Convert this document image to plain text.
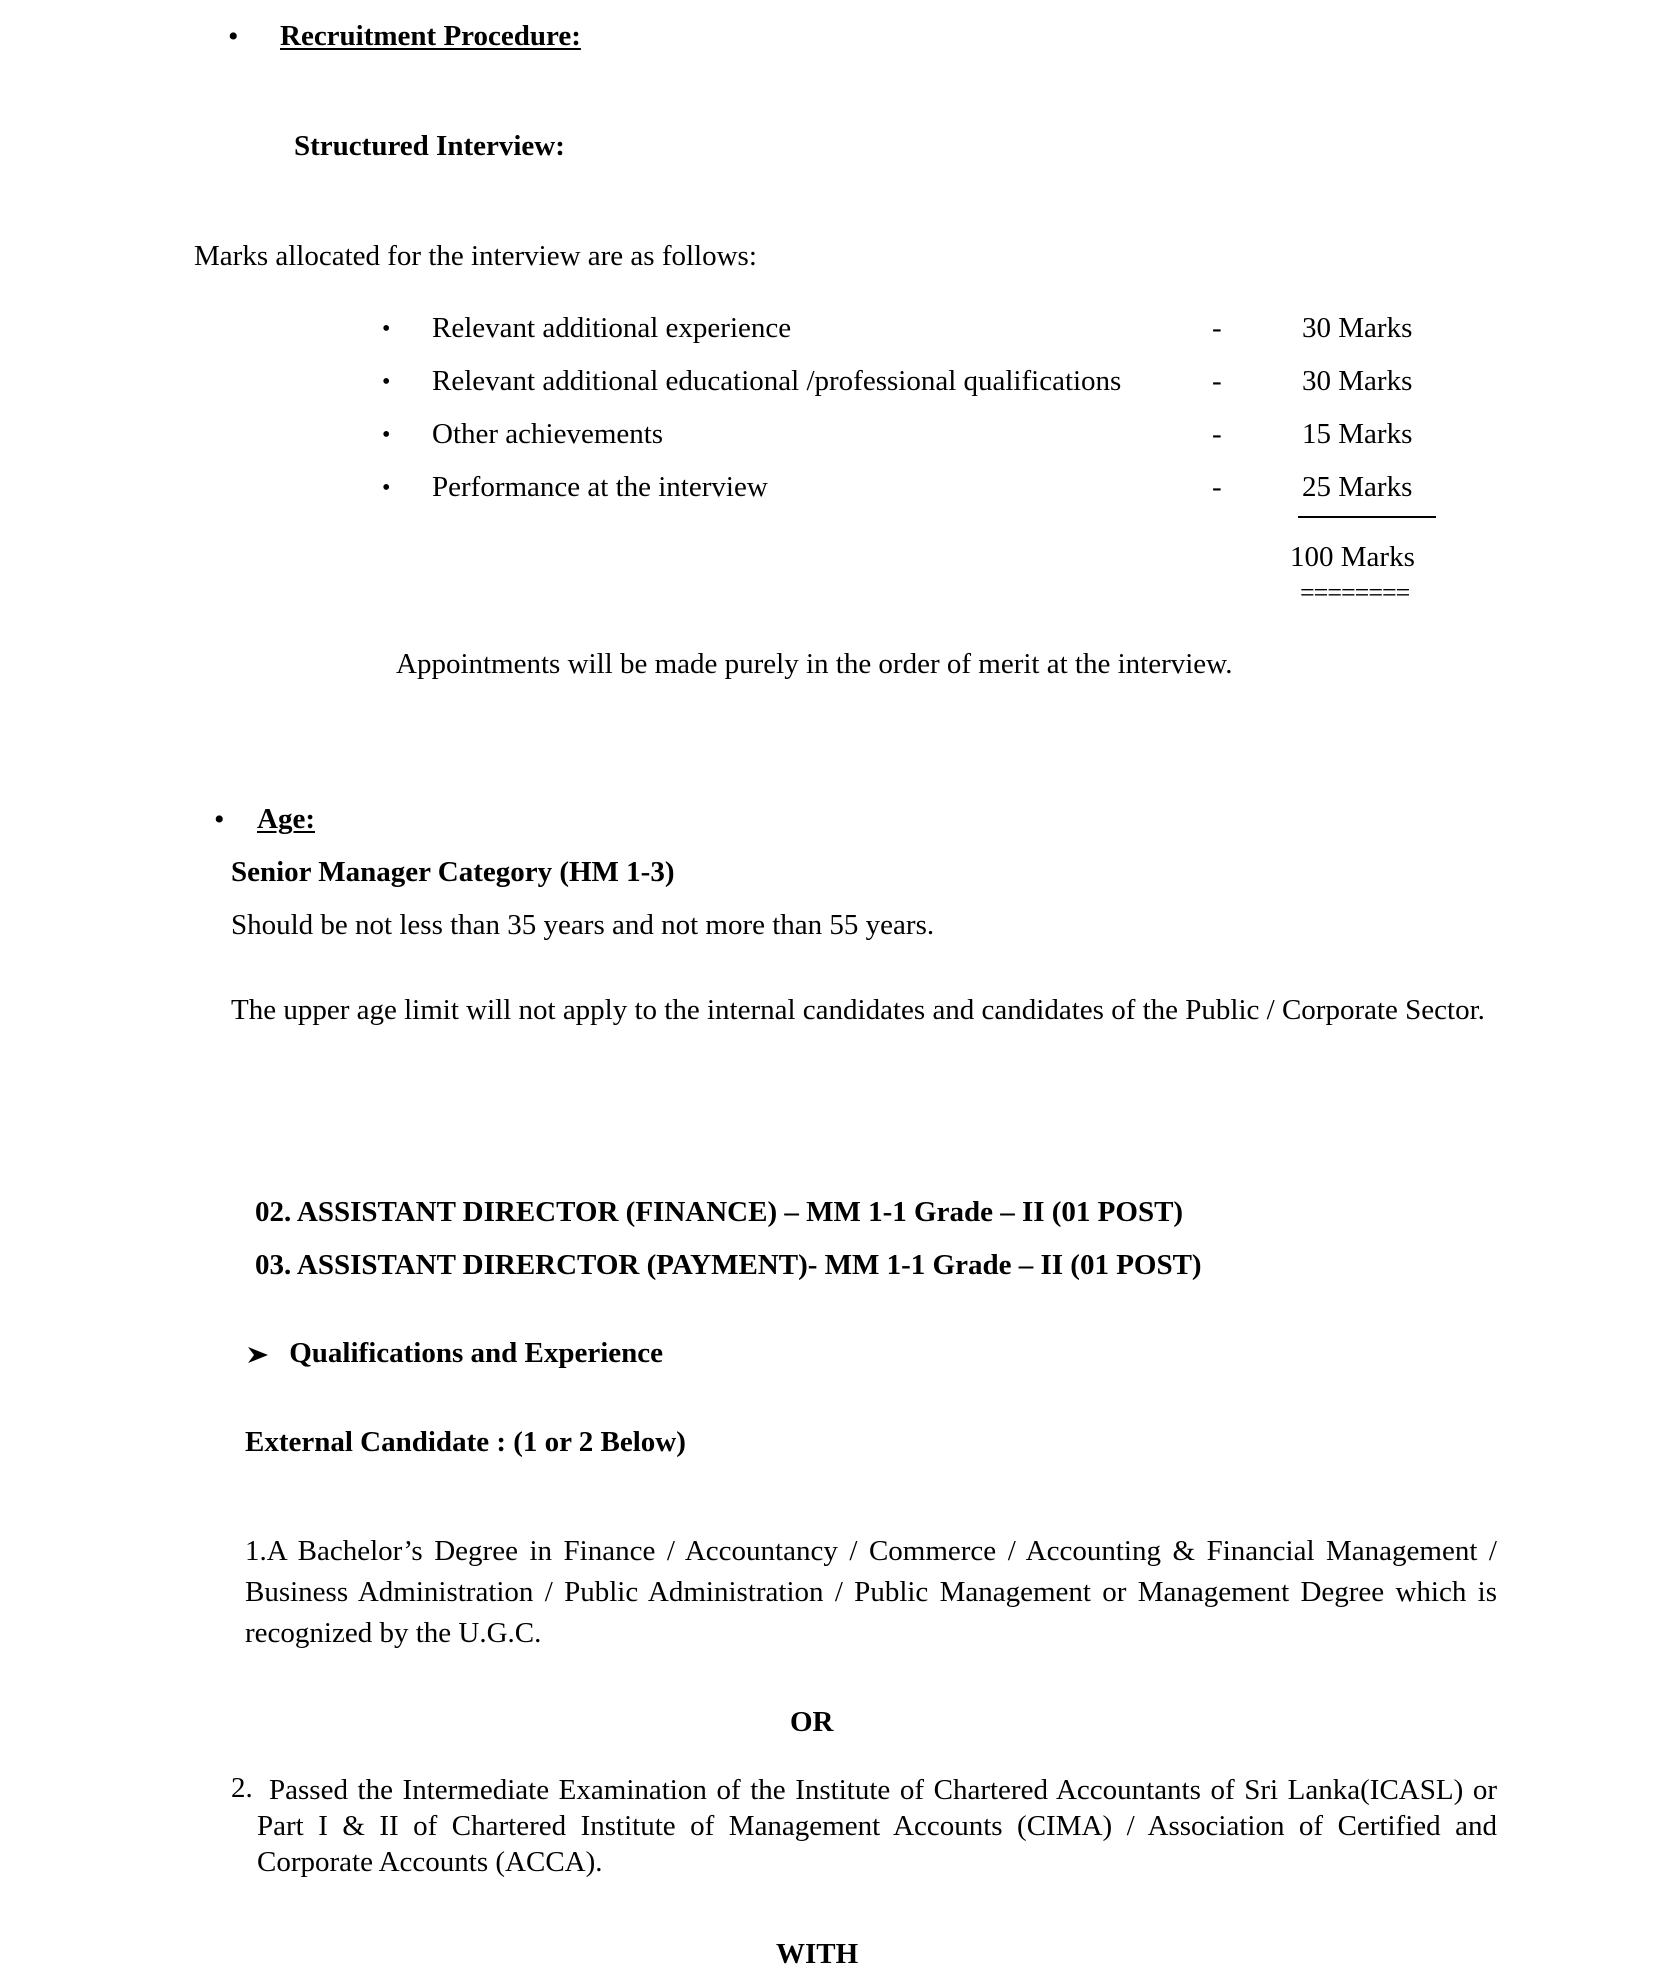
• Recruitment Procedure:
Structured Interview:
Marks allocated for the interview are as follows:
• Relevant additional experience	-	30 Marks
• Relevant additional educational /professional qualifications	-	30 Marks
• Other achievements	-	15 Marks
• Performance at the interview	-	25 Marks
100 Marks
========
Appointments will be made purely in the order of merit at the interview.
• Age:
Senior Manager Category (HM 1-3)
Should be not less than 35 years and not more than 55 years.
The upper age limit will not apply to the internal candidates and candidates of the Public / Corporate Sector.
02. ASSISTANT DIRECTOR (FINANCE) – MM 1-1 Grade – II (01 POST)
03. ASSISTANT DIRERCTOR (PAYMENT)- MM 1-1 Grade – II (01 POST)
Qualifications and Experience
External Candidate : (1 or 2 Below)
1.A Bachelor’s Degree in Finance / Accountancy / Commerce / Accounting & Financial Management / Business Administration / Public Administration / Public Management or Management Degree which is recognized by the U.G.C.
OR
2. Passed the Intermediate Examination of the Institute of Chartered Accountants of Sri Lanka(ICASL) or Part I & II of Chartered Institute of Management Accounts (CIMA) / Association of Certified and Corporate Accounts (ACCA).
WITH
